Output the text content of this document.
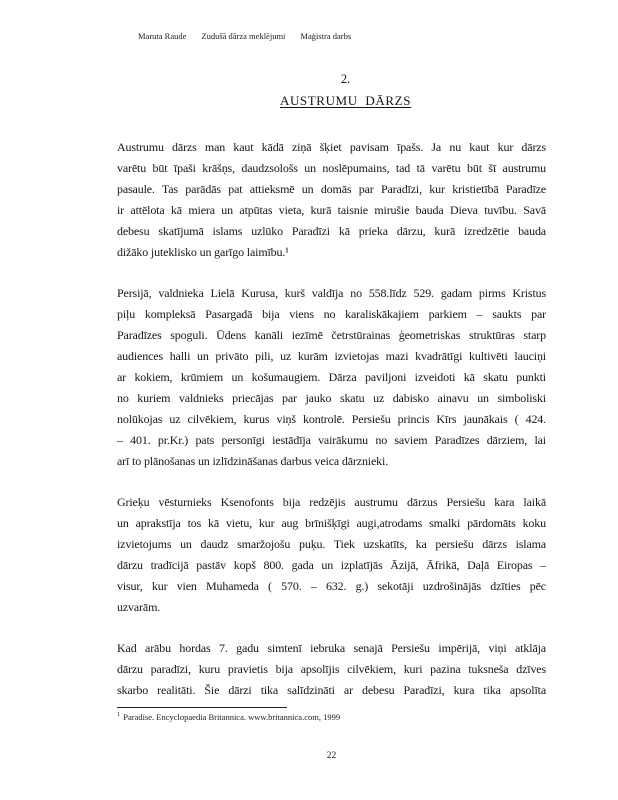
Maruta Raude Zudušā dārza meklējumi Maģistra darbs
2.
AUSTRUMU  DĀRZS
Austrumu dārzs man kaut kādā ziņā šķiet pavisam īpašs. Ja nu kaut kur dārzs
varētu būt īpaši krāšņs, daudzsološs un noslēpumains, tad tā varētu būt šī austrumu
pasaule. Tas parādās pat attieksmē un domās par Paradīzi, kur kristietībā Paradīze
ir attēlota kā miera un atpūtas vieta, kurā taisnie mirušie bauda Dieva tuvību. Savā
debesu skatījumā islams uzlūko Paradīzi kā prieka dārzu, kurā izredzētie bauda
dižāko juteklisko un garīgo laimību.¹
Persijā, valdnieka Lielā Kurusa, kurš valdīja no 558.līdz 529. gadam pirms Kristus
piļu kompleksā Pasargadā bija viens no karaliskākajiem parkiem – saukts par
Paradīzes spoguli. Ūdens kanāli iezīmē četrstūrainas ģeometriskas struktūras starp
audiences halli un privāto pili, uz kurām izvietojas mazi kvadrātīgi kultivēti lauciņi
ar kokiem, krūmiem un košumaugiem. Dārza paviljoni izveidoti kā skatu punkti
no kuriem valdnieks priecājas par jauko skatu uz dabisko ainavu un simboliski
nolūkojas uz cilvēkiem, kurus viņš kontrolē. Persiešu princis Kīrs jaunākais ( 424.
– 401. pr.Kr.) pats personīgi iestādīja vairākumu no saviem Paradīzes dārziem, lai
arī to plānošanas un izlīdzināšanas darbus veica dārznieki.
Grieķu vēsturnieks Ksenofonts bija redzējis austrumu dārzus Persiešu kara laikā
un aprakstīja tos kā vietu, kur aug brīnišķīgi augi,atrodams smalki pārdomāts koku
izvietojums un daudz smaržojošu puķu. Tiek uzskatīts, ka persiešu dārzs islama
dārzu tradīcijā pastāv kopš 800. gada un izplatījās Āzijā, Āfrikā, Daļā Eiropas –
visur, kur vien Muhameda ( 570. – 632. g.) sekotāji uzdrošinājās dzīties pēc
uzvarām.
Kad arābu hordas 7. gadu simtenī iebruka senajā Persiešu impērijā, viņi atklāja
dārzu paradīzi, kuru pravietis bija apsolījis cilvēkiem, kuri pazina tuksneša dzīves
skarbo realitāti. Šie dārzi tika salīdzināti ar debesu Paradīzi, kura tika apsolīta
$^1$ Paradise. Encyclopaedia Britannica. www.britannica.com, 1999
22
